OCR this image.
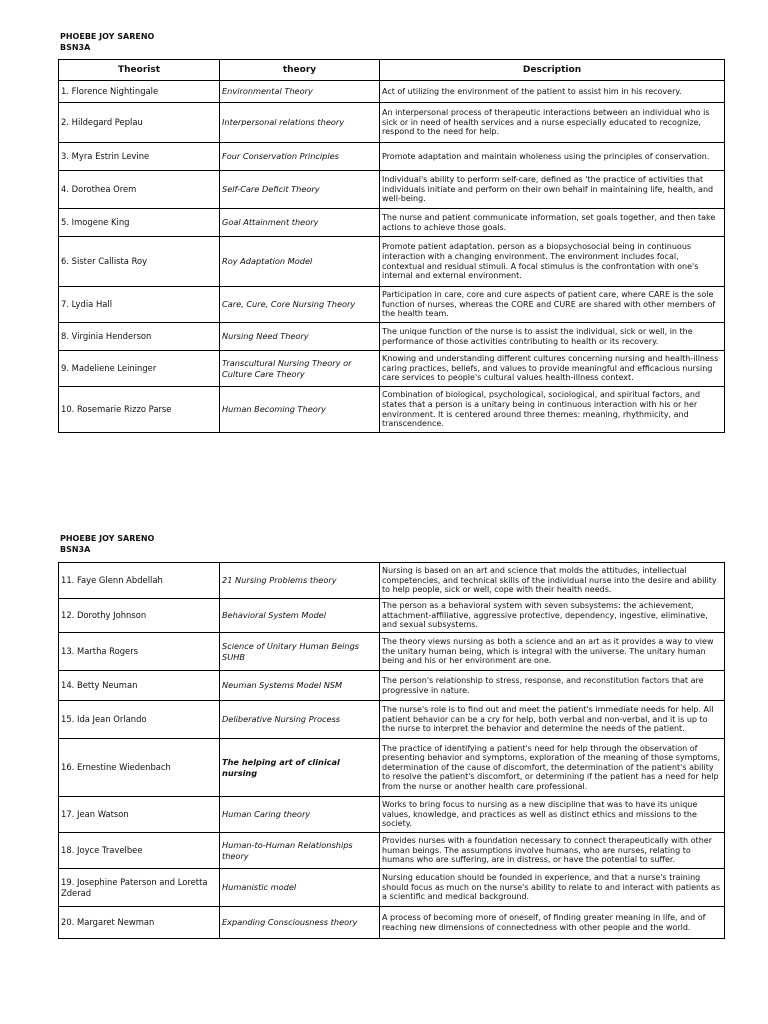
PHOEBE JOY SARENO
BSN3A
Theorist	theory	Description
1. Florence Nightingale	Environmental Theory	Act of utilizing the environment of the patient to assist him in his recovery.
2. Hildegard Peplau	Interpersonal relations theory	An interpersonal process of therapeutic interactions between an individual who is sick or in need of health services and a nurse especially educated to recognize, respond to the need for help.
3. Myra Estrin Levine	Four Conservation Principles	Promote adaptation and maintain wholeness using the principles of conservation.
4. Dorothea Orem	Self-Care Deficit Theory	Individual's ability to perform self-care, defined as 'the practice of activities that individuals initiate and perform on their own behalf in maintaining life, health, and well-being.
5. Imogene King	Goal Attainment theory	The nurse and patient communicate information, set goals together, and then take actions to achieve those goals.
6. Sister Callista Roy	Roy Adaptation Model	Promote patient adaptation. person as a biopsychosocial being in continuous interaction with a changing environment. The environment includes focal, contextual and residual stimuli. A focal stimulus is the confrontation with one's internal and external environment.
7. Lydia Hall	Care, Cure, Core Nursing Theory	Participation in care, core and cure aspects of patient care, where CARE is the sole function of nurses, whereas the CORE and CURE are shared with other members of the health team.
8. Virginia Henderson	Nursing Need Theory	The unique function of the nurse is to assist the individual, sick or well, in the performance of those activities contributing to health or its recovery.
9. Madeliene Leininger	Transcultural Nursing Theory or Culture Care Theory	Knowing and understanding different cultures concerning nursing and health-illness caring practices, beliefs, and values to provide meaningful and efficacious nursing care services to people's cultural values health-illness context.
10. Rosemarie Rizzo Parse	Human Becoming Theory	Combination of biological, psychological, sociological, and spiritual factors, and states that a person is a unitary being in continuous interaction with his or her environment. It is centered around three themes: meaning, rhythmicity, and transcendence.
PHOEBE JOY SARENO
BSN3A
11. Faye Glenn Abdellah	21 Nursing Problems theory	Nursing is based on an art and science that molds the attitudes, intellectual competencies, and technical skills of the individual nurse into the desire and ability to help people, sick or well, cope with their health needs.
12. Dorothy Johnson	Behavioral System Model	The person as a behavioral system with seven subsystems: the achievement, attachment-affiliative, aggressive protective, dependency, ingestive, eliminative, and sexual subsystems.
13. Martha Rogers	Science of Unitary Human Beings SUHB	The theory views nursing as both a science and an art as it provides a way to view the unitary human being, which is integral with the universe. The unitary human being and his or her environment are one.
14. Betty Neuman	Neuman Systems Model NSM	The person's relationship to stress, response, and reconstitution factors that are progressive in nature.
15. Ida Jean Orlando	Deliberative Nursing Process	The nurse's role is to find out and meet the patient's immediate needs for help. All patient behavior can be a cry for help, both verbal and non-verbal, and it is up to the nurse to interpret the behavior and determine the needs of the patient.
16. Ernestine Wiedenbach	The helping art of clinical nursing	The practice of identifying a patient's need for help through the observation of presenting behavior and symptoms, exploration of the meaning of those symptoms, determination of the cause of discomfort, the determination of the patient's ability to resolve the patient's discomfort, or determining if the patient has a need for help from the nurse or another health care professional.
17. Jean Watson	Human Caring theory	Works to bring focus to nursing as a new discipline that was to have its unique values, knowledge, and practices as well as distinct ethics and missions to the society.
18. Joyce Travelbee	Human-to-Human Relationships theory	Provides nurses with a foundation necessary to connect therapeutically with other human beings. The assumptions involve humans, who are nurses, relating to humans who are suffering, are in distress, or have the potential to suffer.
19. Josephine Paterson and Loretta Zderad	Humanistic model	Nursing education should be founded in experience, and that a nurse's training should focus as much on the nurse's ability to relate to and interact with patients as a scientific and medical background.
20. Margaret Newman	Expanding Consciousness theory	A process of becoming more of oneself, of finding greater meaning in life, and of reaching new dimensions of connectedness with other people and the world.
